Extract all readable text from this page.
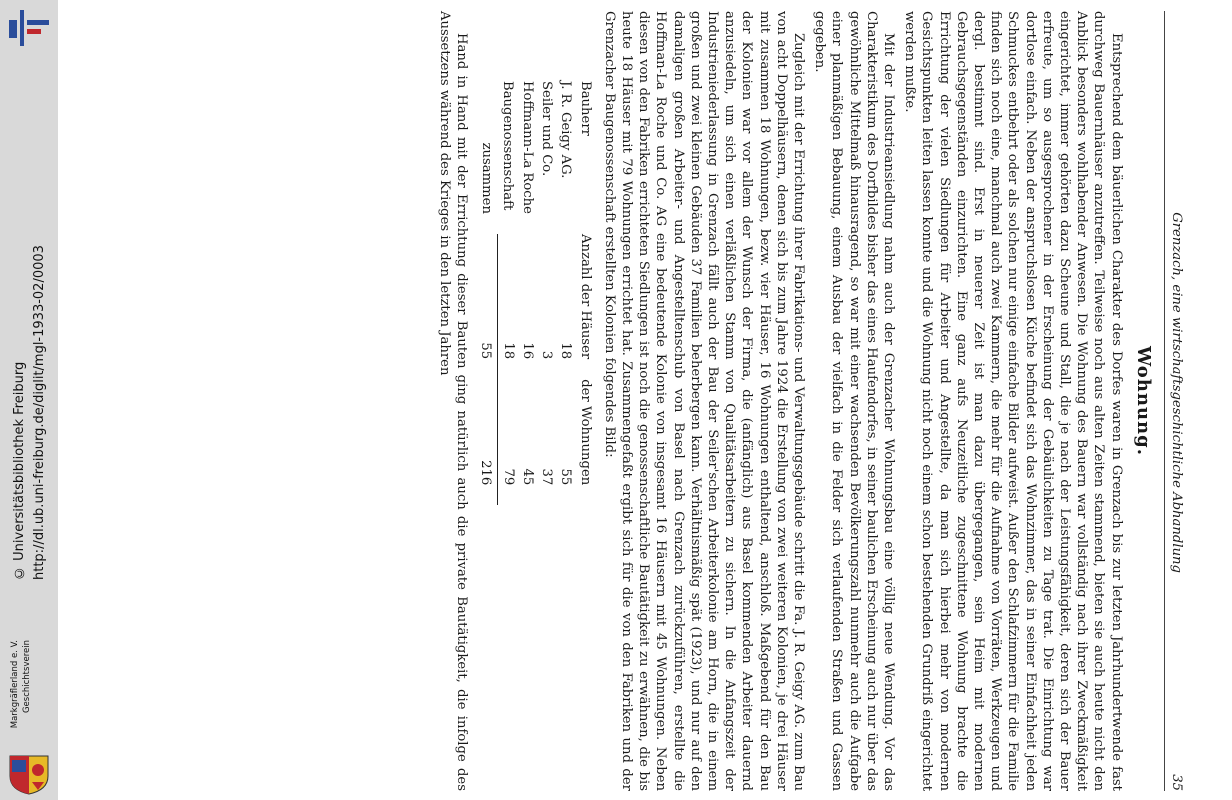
http://dl.ub.uni-freiburg.de/diglit/mgl-1933-02/0003
© Universitätsbibliothek Freiburg
Geschichtsverein
Markgräflerland e. V.
Grenzach, eine wirtschaftsgeschichtliche Abhandlung
35
Wohnung.

Entsprechend dem bäuerlichen Charakter des Dorfes waren in Grenzach bis zur letzten Jahrhundertwende fast durchweg Bauernhäuser anzutreffen. Teilweise noch aus alten Zeiten stammend, bieten sie auch heute nicht den Anblick besonders wohlhabender Anwesen. Die Wohnung des Bauern war vollständig nach ihrer Zweckmäßigkeit eingerichtet, immer gehörten dazu Scheune und Stall, die je nach der Leistungsfähigkeit, deren sich der Bauer erfreute, um so ausgesprochener in der Erscheinung der Gebäulichkeiten zu Tage trat. Die Einrichtung war dortlose einfach. Neben der anspruchslosen Küche befindet sich das Wohnzimmer, das in seiner Einfachheit jeden Schmuckes entbehrt oder als solchen nur einige einfache Bilder aufweist. Außer den Schlafzimmern für die Familie finden sich noch eine, manchmal auch zwei Kammern, die mehr für die Aufnahme von Vorräten, Werkzeugen und dergl. bestimmt sind. Erst in neuerer Zeit ist man dazu übergegangen, sein Heim mit modernen Gebrauchsgegenständen einzurichten. Eine ganz aufs Neuzeitliche zugeschnittene Wohnung brachte die Errichtung der vielen Siedlungen für Arbeiter und Angestellte, da man sich hierbei mehr von modernen Gesichtspunkten leiten lassen konnte und die Wohnung nicht noch einem schon bestehenden Grundriß eingerichtet werden mußte.

Mit der Industrieansiedlung nahm auch der Grenzacher Wohnungsbau eine völlig neue Wendung. Vor das Charakteristikum des Dorfbildes bisher das eines Haufendorfes, in seiner baulichen Erscheinung auch nur über das gewöhnliche Mittelmaß hinausragend, so war mit einer wachsenden Bevölkerungszahl nunmehr auch die Aufgabe einer planmäßigen Bebauung, einem Ausbau der vielfach in die Felder sich verlaufenden Straßen und Gassen gegeben.

Zugleich mit der Errichtung ihrer Fabrikations- und Verwaltungsgebäude schritt die Fa. J. R. Geigy AG. zum Bau von acht Doppelhäusern, denen sich bis zum Jahre 1924 die Erstellung von zwei weiteren Kolonien, je drei Häuser mit zusammen 18 Wohnungen, bezw. vier Häuser, 16 Wohnungen enthaltend, anschloß. Maßgebend für den Bau der Kolonien war vor allem der Wunsch der Firma, die (anfänglich) aus Basel kommenden Arbeiter dauernd anzusiedeln, um sich einen verläßlichen Stamm von Qualitätsarbeitern zu sichern. In die Anfangszeit der Industrieniederlassung in Grenzach fällt auch der Bau der Seiler'schen Arbeiterkolonie am Horn, die in einem großen und zwei kleinen Gebäuden 37 Familien beherbergen kann. Verhältnismäßig spät (1923), und nur auf den damaligen großen Arbeiter- und Angestelltenschub von Basel nach Grenzach zurückzuführen, erstellte die Hoffman-La Roche und Co. AG eine bedeutende Kolonie von insgesamt 16 Häusern mit 45 Wohnungen. Neben diesen von den Fabriken errichteten Siedlungen ist noch die genossenschaftliche Bautätigkeit zu erwähnen, die bis heute 18 Häuser mit 79 Wohnungen errichtet hat. Zusammengefaßt ergibt sich für die von den Fabriken und der Grenzacher Baugenossenschaft erstellten Kolonien folgendes Bild:

Bauherr	Anzahl der Häuser	der Wohnungen
J. R. Geigy AG.	18	55
Seiler und Co.	3	37
Hoffmann-La Roche	16	45
Baugenossenschaft	18	79
zusammen	55	216

Hand in Hand mit der Errichtung dieser Bauten ging natürlich auch die private Bautätigkeit, die infolge des Aussetzens während des Krieges in den letzten Jahren
